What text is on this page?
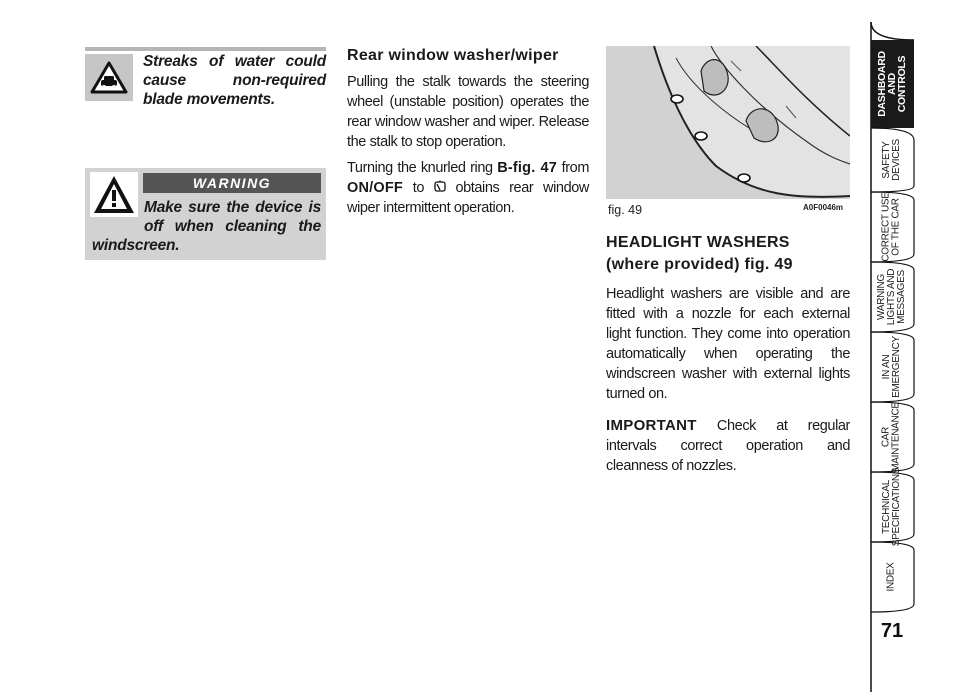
Streaks of water could cause non-required blade movements.
WARNING
Make sure the device is off when cleaning the windscreen.
Rear window washer/wiper

Pulling the stalk towards the steering wheel (unstable position) operates the rear window washer and wiper. Release the stalk to stop operation.

Turning the knurled ring B-fig. 47 from ON/OFF to  obtains rear window wiper intermittent operation.	fig. 49	A0F0046m
HEADLIGHT WASHERS
(where provided) fig. 49

Headlight washers are visible and are fitted with a nozzle for each external light function. They come into operation automatically when operating the windscreen washer with external lights turned on.

IMPORTANT Check at regular intervals correct operation and cleanness of nozzles.

DASHBOARD
AND
CONTROLS
SAFETY
DEVICES
CORRECT USE
OF THE CAR
WARNING
LIGHTS AND
MESSAGES
IN AN
EMERGENCY
CAR
MAINTENANCE
TECHNICAL
SPECIFICATIONS
INDEX
71
